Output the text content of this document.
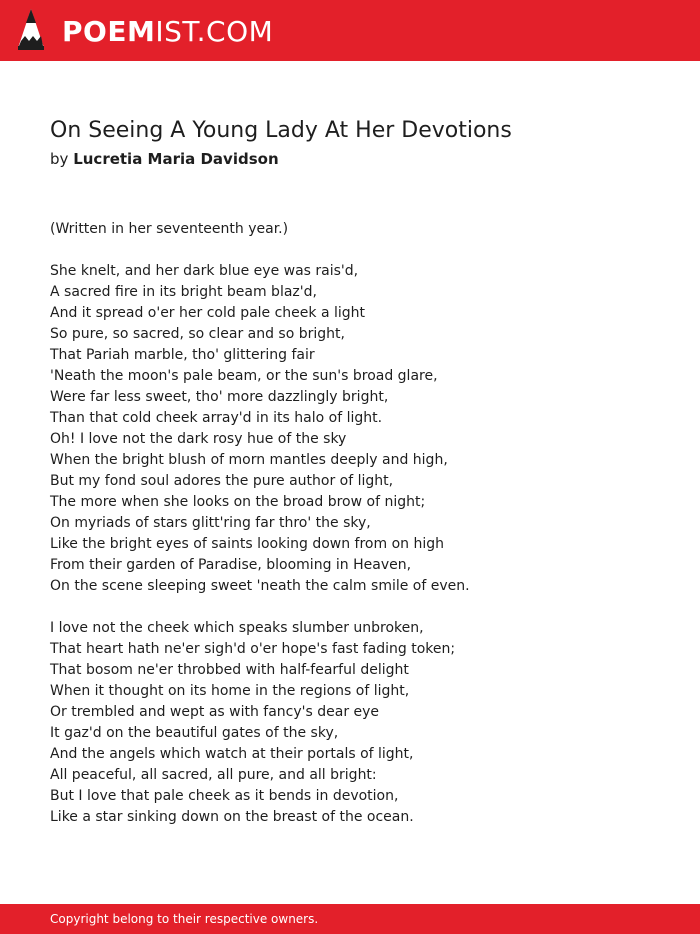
POEMIST.COM
On Seeing A Young Lady At Her Devotions
by Lucretia Maria Davidson
(Written in her seventeenth year.)
She knelt, and her dark blue eye was rais'd,
A sacred fire in its bright beam blaz'd,
And it spread o'er her cold pale cheek a light
So pure, so sacred, so clear and so bright,
That Pariah marble, tho' glittering fair
'Neath the moon's pale beam, or the sun's broad glare,
Were far less sweet, tho' more dazzlingly bright,
Than that cold cheek array'd in its halo of light.
Oh! I love not the dark rosy hue of the sky
When the bright blush of morn mantles deeply and high,
But my fond soul adores the pure author of light,
The more when she looks on the broad brow of night;
On myriads of stars glitt'ring far thro' the sky,
Like the bright eyes of saints looking down from on high
From their garden of Paradise, blooming in Heaven,
On the scene sleeping sweet 'neath the calm smile of even.
I love not the cheek which speaks slumber unbroken,
That heart hath ne'er sigh'd o'er hope's fast fading token;
That bosom ne'er throbbed with half-fearful delight
When it thought on its home in the regions of light,
Or trembled and wept as with fancy's dear eye
It gaz'd on the beautiful gates of the sky,
And the angels which watch at their portals of light,
All peaceful, all sacred, all pure, and all bright:
But I love that pale cheek as it bends in devotion,
Like a star sinking down on the breast of the ocean.
Copyright belong to their respective owners.
